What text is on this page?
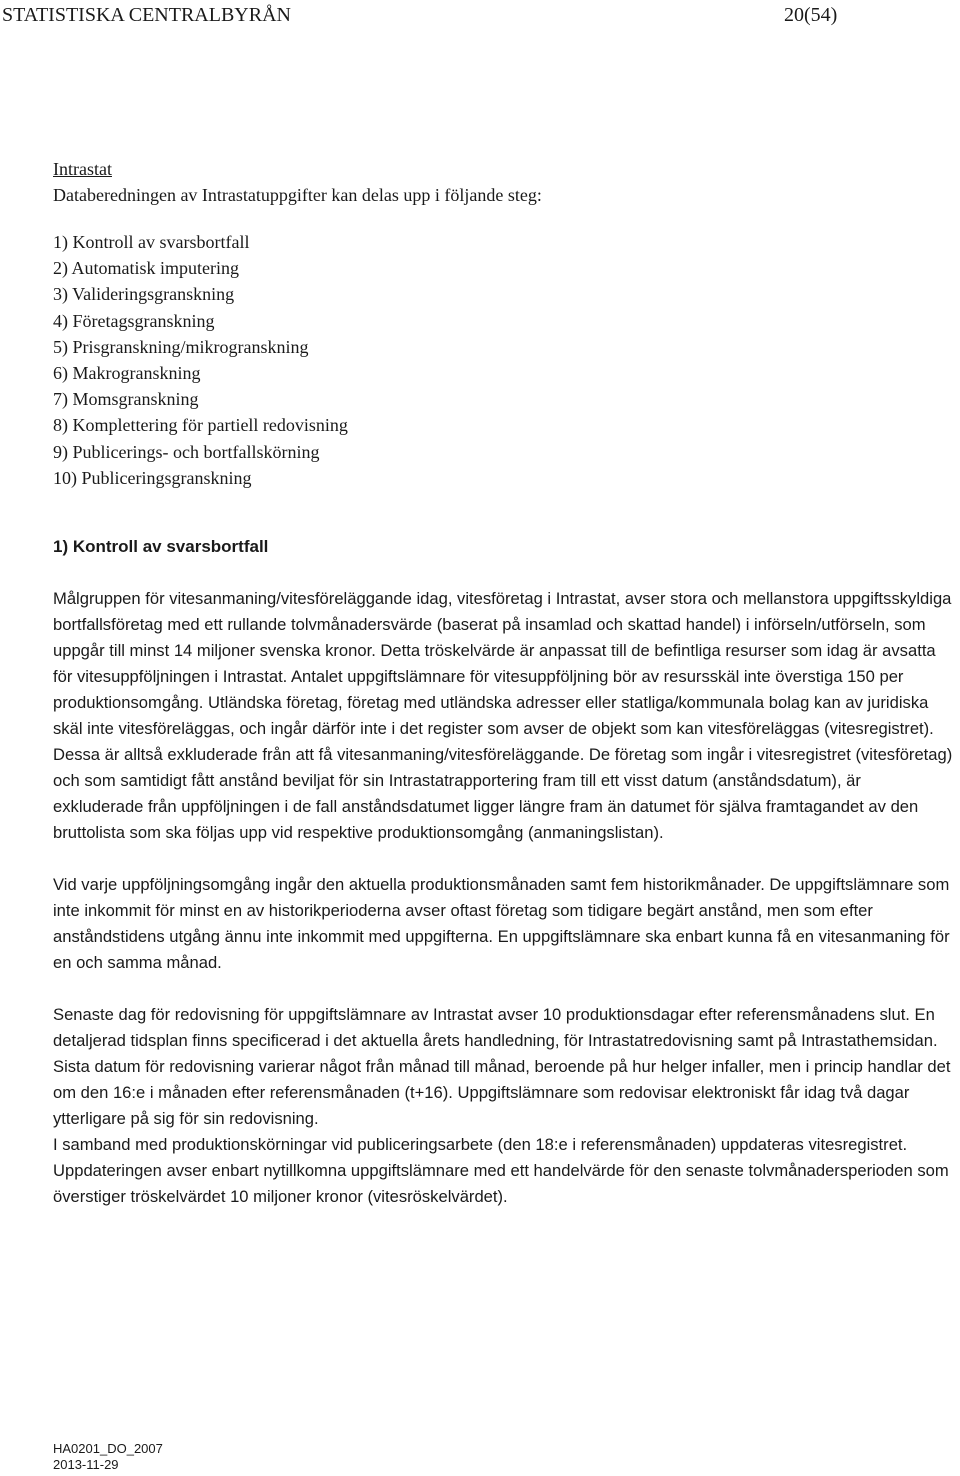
STATISTISKA CENTRALBYRÅN	20(54)
Intrastat
Databeredningen av Intrastatuppgifter kan delas upp i följande steg:
1) Kontroll av svarsbortfall
2) Automatisk imputering
3) Valideringsgranskning
4) Företagsgranskning
5) Prisgranskning/mikrogranskning
6) Makrogranskning
7) Momsgranskning
8) Komplettering för partiell redovisning
9) Publicerings- och bortfallskörning
10) Publiceringsgranskning
1) Kontroll av svarsbortfall

Målgruppen för vitesanmaning/vitesföreläggande idag, vitesföretag i Intrastat, avser stora och mellanstora uppgiftsskyldiga bortfallsföretag med ett rullande tolvmånadersvärde (baserat på insamlad och skattad handel) i införseln/utförseln, som uppgår till minst 14 miljoner svenska kronor. Detta tröskelvärde är anpassat till de befintliga resurser som idag är avsatta för vitesuppföljningen i Intrastat. Antalet uppgiftslämnare för vitesuppföljning bör av resursskäl inte överstiga 150 per produktionsomgång. Utländska företag, företag med utländska adresser eller statliga/kommunala bolag kan av juridiska skäl inte vitesföreläggas, och ingår därför inte i det register som avser de objekt som kan vitesföreläggas (vitesregistret). Dessa är alltså exkluderade från att få vitesanmaning/vitesföreläggande. De företag som ingår i vitesregistret (vitesföretag) och som samtidigt fått anstånd beviljat för sin Intrastatrapportering fram till ett visst datum (anståndsdatum), är exkluderade från uppföljningen i de fall anståndsdatumet ligger längre fram än datumet för själva framtagandet av den bruttolista som ska följas upp vid respektive produktionsomgång (anmaningslistan).

Vid varje uppföljningsomgång ingår den aktuella produktionsmånaden samt fem historikmånader. De uppgiftslämnare som inte inkommit för minst en av historikperioderna avser oftast företag som tidigare begärt anstånd, men som efter anståndstidens utgång ännu inte inkommit med uppgifterna. En uppgiftslämnare ska enbart kunna få en vitesanmaning för en och samma månad.

Senaste dag för redovisning för uppgiftslämnare av Intrastat avser 10 produktionsdagar efter referensmånadens slut. En detaljerad tidsplan finns specificerad i det aktuella årets handledning, för Intrastatredovisning samt på Intrastathemsidan. Sista datum för redovisning varierar något från månad till månad, beroende på hur helger infaller, men i princip handlar det om den 16:e i månaden efter referensmånaden (t+16). Uppgiftslämnare som redovisar elektroniskt får idag två dagar ytterligare på sig för sin redovisning.

I samband med produktionskörningar vid publiceringsarbete (den 18:e i referensmånaden) uppdateras vitesregistret. Uppdateringen avser enbart nytillkomna uppgiftslämnare med ett handelvärde för den senaste tolvmånadersperioden som överstiger tröskelvärdet 10 miljoner kronor (vitesröskelvärdet).

HA0201_DO_2007
2013-11-29
